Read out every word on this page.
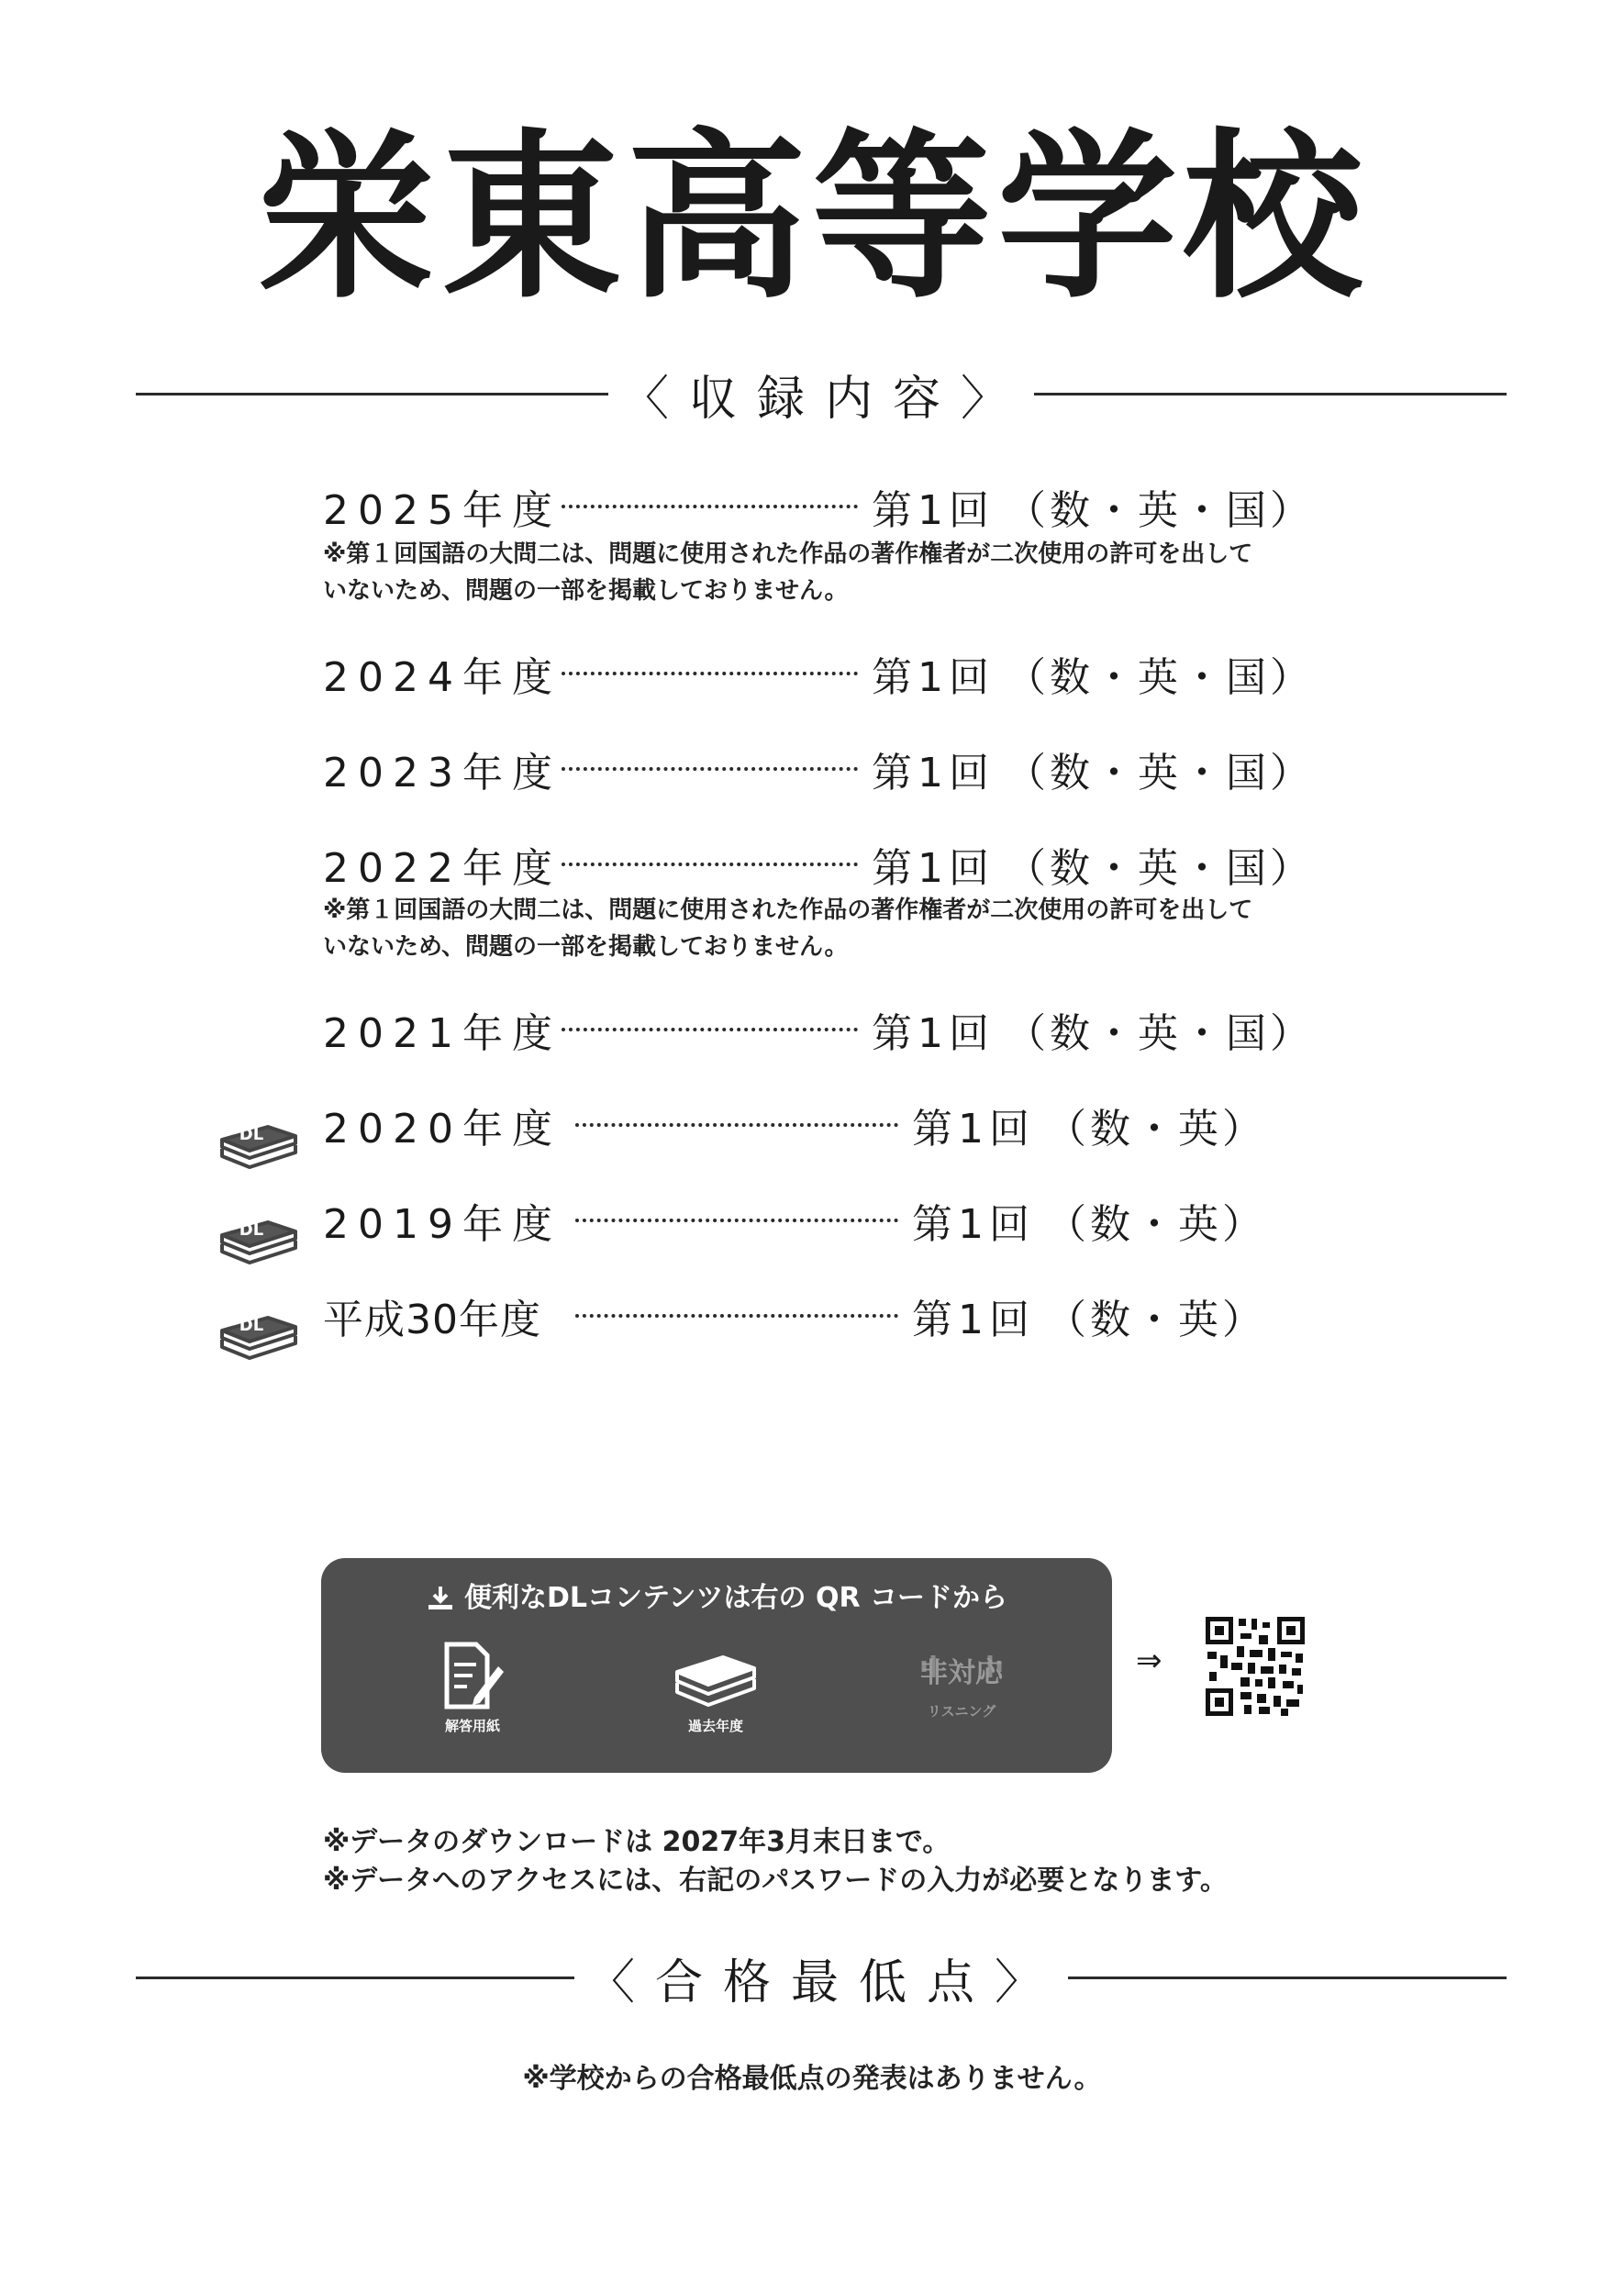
栄東高等学校
〈収録内容〉
2025年度	第1回 （数・英・国）
※第１回国語の大問二は、問題に使用された作品の著作権者が二次使用の許可を出して
いないため、問題の一部を掲載しておりません。
2024年度	第1回 （数・英・国）
2023年度	第1回 （数・英・国）
2022年度	第1回 （数・英・国）
※第１回国語の大問二は、問題に使用された作品の著作権者が二次使用の許可を出して
いないため、問題の一部を掲載しておりません。
2021年度	第1回 （数・英・国）
2020年度	第1回 （数・英）
2019年度	第1回 （数・英）
平成30年度	第1回 （数・英）
DL
DL
DL
便利なDLコンテンツは右の QR コードから
解答用紙	過去年度
非対応
リスニング
⇒
※データのダウンロードは 2027年3月末日まで。
※データへのアクセスには、右記のパスワードの入力が必要となります。
〈合格最低点〉
※学校からの合格最低点の発表はありません。
